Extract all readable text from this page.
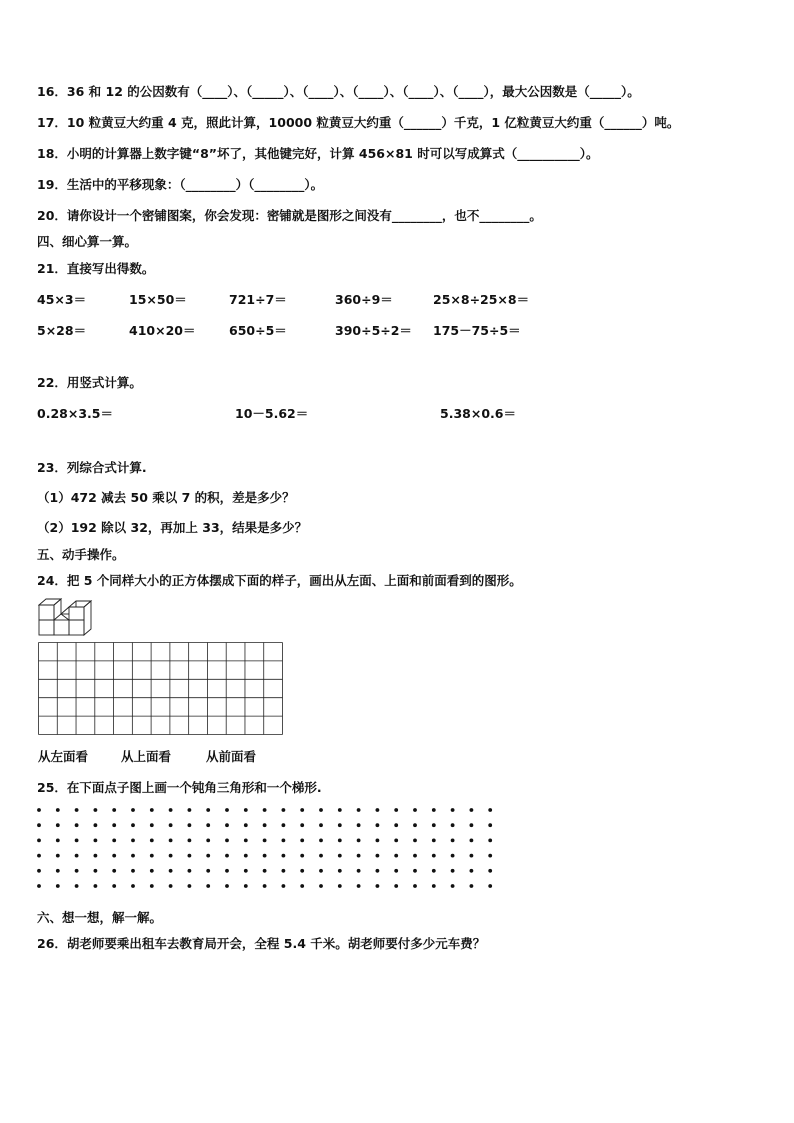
16．36 和 12 的公因数有（____）、（_____）、（____）、（____）、（____）、（____），最大公因数是（_____）。
17．10 粒黄豆大约重 4 克，照此计算，10000 粒黄豆大约重（______）千克，1 亿粒黄豆大约重（______）吨。
18．小明的计算器上数字键“8”坏了，其他键完好，计算 456×81 时可以写成算式（__________）。
19．生活中的平移现象：（________）（________）。
20．请你设计一个密铺图案，你会发现：密铺就是图形之间没有________，也不________。
四、细心算一算。
21．直接写出得数。
45×3＝	15×50＝	721÷7＝	360÷9＝	25×8÷25×8＝
5×28＝	410×20＝	650÷5＝	390÷5÷2＝ 175－75÷5＝
22．用竖式计算。
0.28×3.5＝	10－5.62＝	5.38×0.6＝
23．列综合式计算.
（1）472 减去 50 乘以 7 的积，差是多少？
（2）192 除以 32，再加上 33，结果是多少？
五、动手操作。
24．把 5 个同样大小的正方体摆成下面的样子，画出从左面、上面和前面看到的图形。
从左面看	从上面看	从前面看
25．在下面点子图上画一个钝角三角形和一个梯形.
六、想一想，解一解。
26．胡老师要乘出租车去教育局开会，全程 5.4 千米。胡老师要付多少元车费？
